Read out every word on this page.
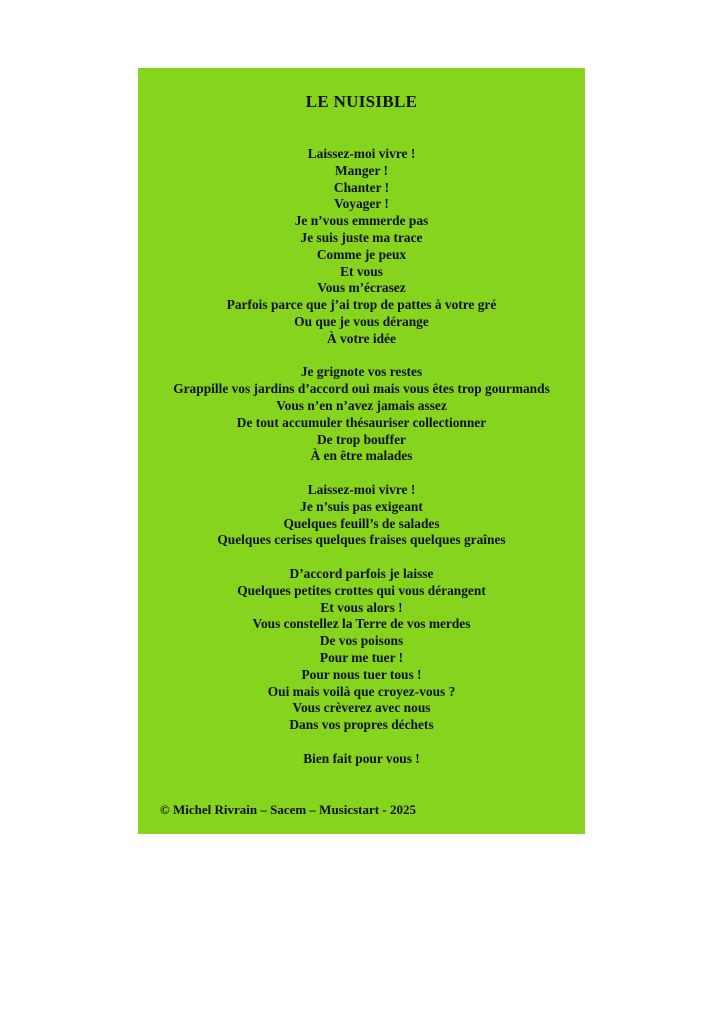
LE NUISIBLE
Laissez-moi vivre !
Manger !
Chanter !
Voyager !
Je n’vous emmerde pas
Je suis juste ma trace
Comme je peux
Et vous
Vous m’écrasez
Parfois parce que j’ai trop de pattes à votre gré
Ou que je vous dérange
À votre idée
Je grignote vos restes
Grappille vos jardins d’accord oui mais vous êtes trop gourmands
Vous n’en n’avez jamais assez
De tout accumuler thésauriser collectionner
De trop bouffer
À en être malades
Laissez-moi vivre !
Je n’suis pas exigeant
Quelques feuill’s de salades
Quelques cerises quelques fraises quelques graînes
D’accord parfois je laisse
Quelques petites crottes qui vous dérangent
Et vous alors !
Vous constellez la Terre de vos merdes
De vos poisons
Pour me tuer !
Pour nous tuer tous !
Oui mais voilà que croyez-vous ?
Vous crèverez avec nous
Dans vos propres déchets
Bien fait pour vous !
© Michel Rivrain – Sacem – Musicstart - 2025
